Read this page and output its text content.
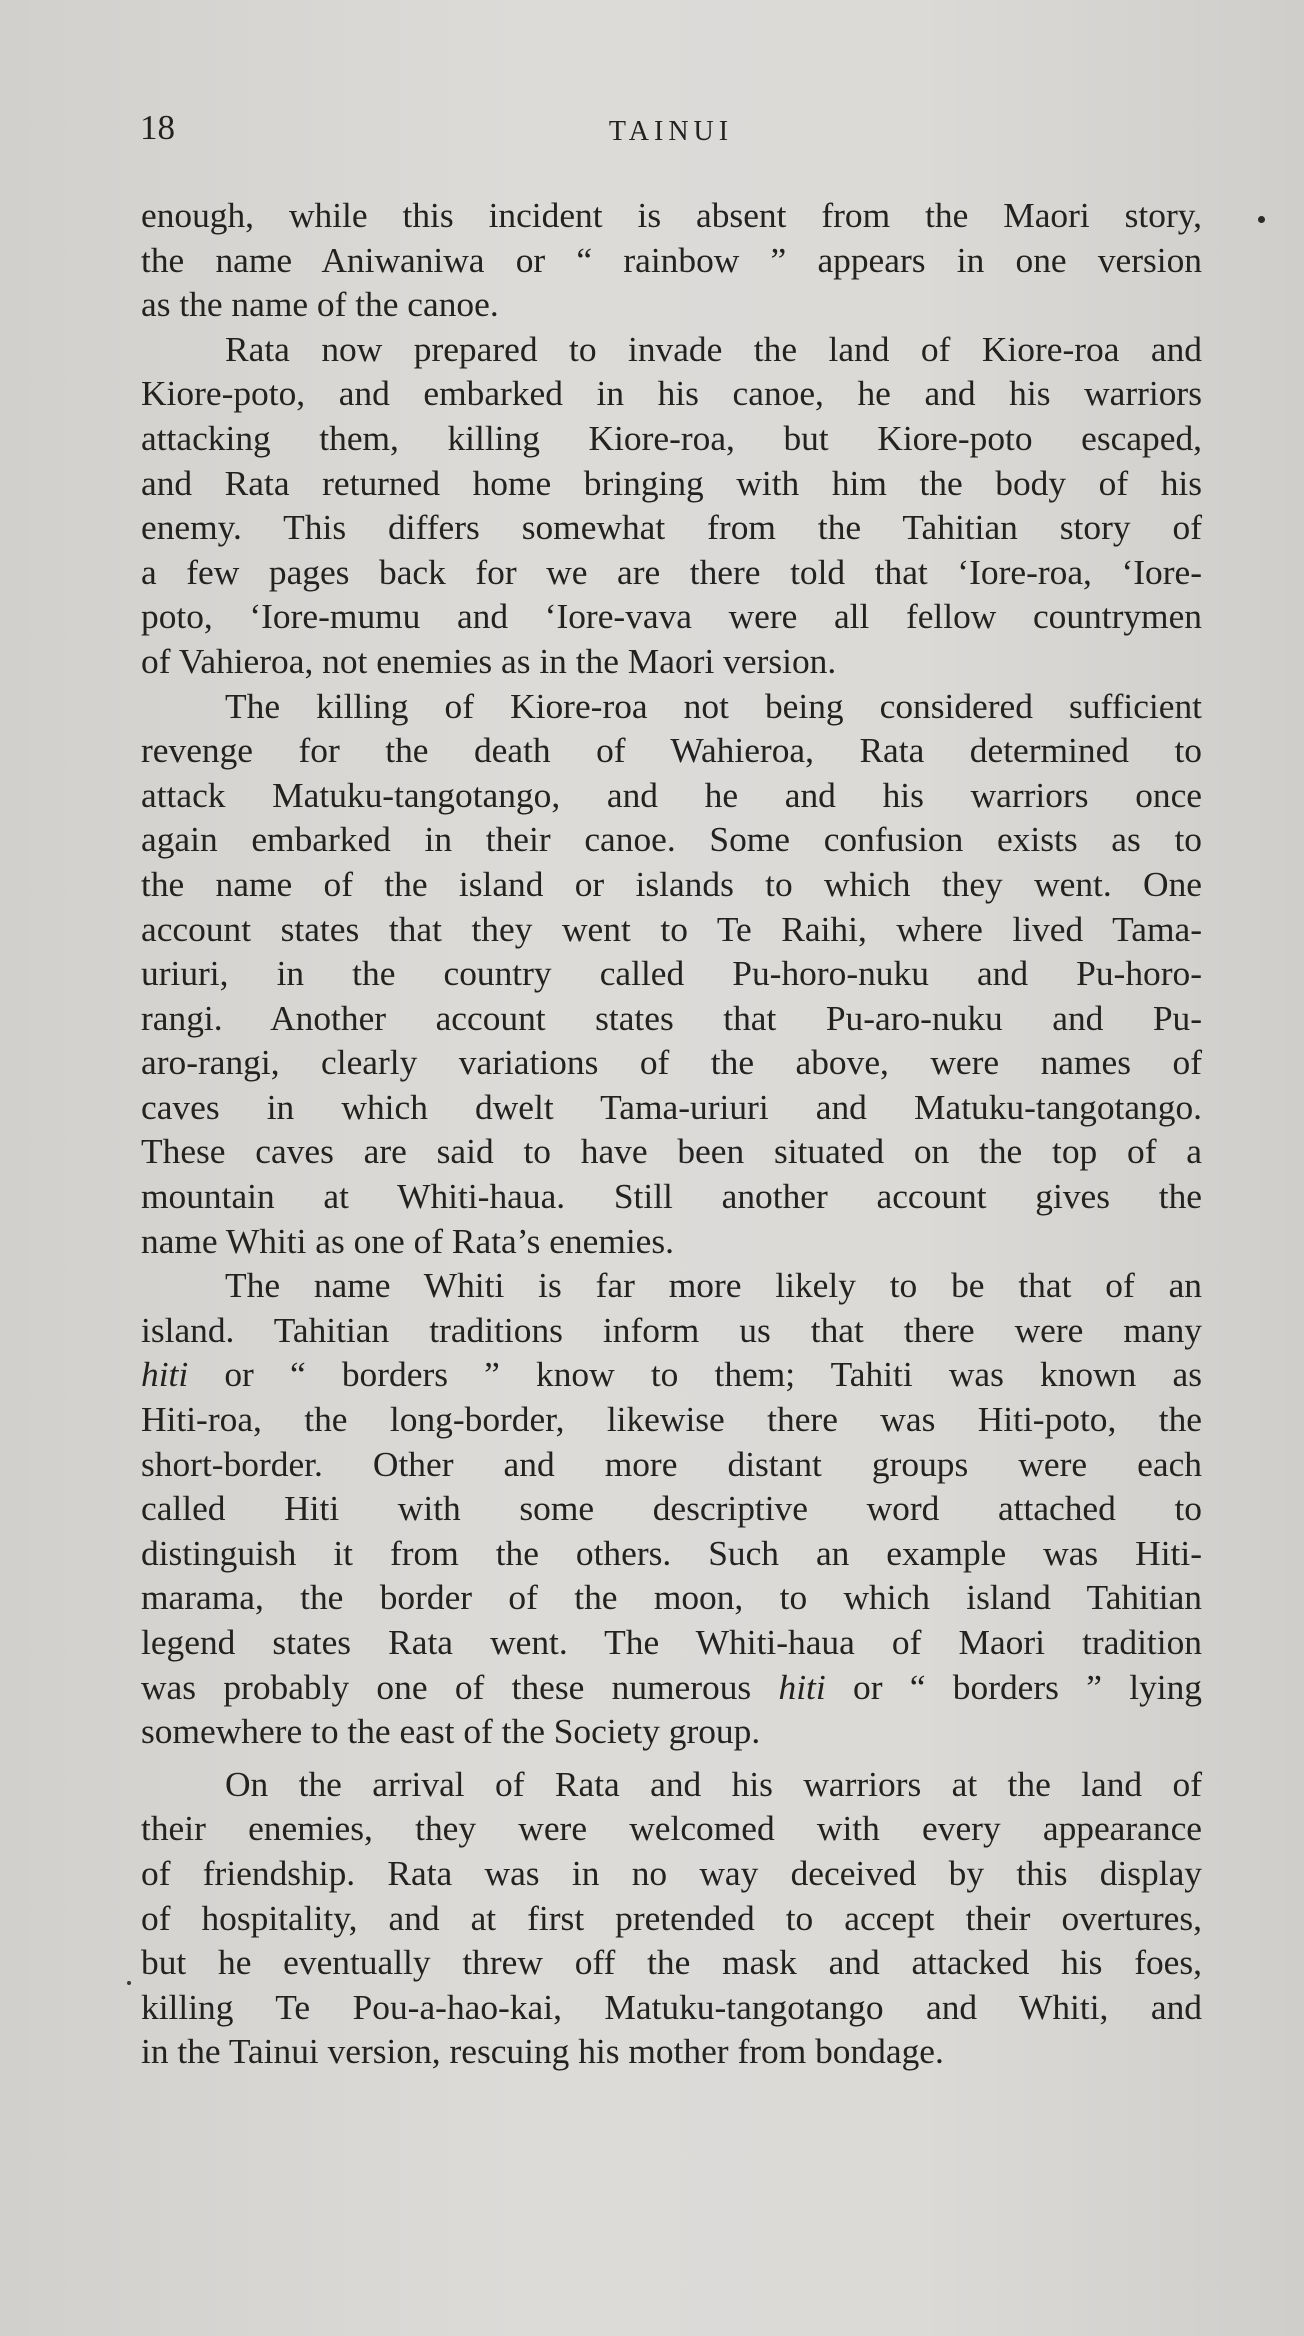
18	TAINUI
enough, while this incident is absent from the Maori story,
the name Aniwaniwa or “ rainbow ” appears in one version
as the name of the canoe.
Rata now prepared to invade the land of Kiore-roa and
Kiore-poto, and embarked in his canoe, he and his warriors
attacking them, killing Kiore-roa, but Kiore-poto escaped,
and Rata returned home bringing with him the body of his
enemy. This differs somewhat from the Tahitian story of
a few pages back for we are there told that ‘Iore-roa, ‘Iore-
poto, ‘Iore-mumu and ‘Iore-vava were all fellow countrymen
of Vahieroa, not enemies as in the Maori version.
The killing of Kiore-roa not being considered sufficient
revenge for the death of Wahieroa, Rata determined to
attack Matuku-tangotango, and he and his warriors once
again embarked in their canoe. Some confusion exists as to
the name of the island or islands to which they went. One
account states that they went to Te Raihi, where lived Tama-
uriuri, in the country called Pu-horo-nuku and Pu-horo-
rangi. Another account states that Pu-aro-nuku and Pu-
aro-rangi, clearly variations of the above, were names of
caves in which dwelt Tama-uriuri and Matuku-tangotango.
These caves are said to have been situated on the top of a
mountain at Whiti-haua. Still another account gives the
name Whiti as one of Rata’s enemies.
The name Whiti is far more likely to be that of an
island. Tahitian traditions inform us that there were many
hiti or “ borders ” know to them; Tahiti was known as
Hiti-roa, the long-border, likewise there was Hiti-poto, the
short-border. Other and more distant groups were each
called Hiti with some descriptive word attached to
distinguish it from the others. Such an example was Hiti-
marama, the border of the moon, to which island Tahitian
legend states Rata went. The Whiti-haua of Maori tradition
was probably one of these numerous hiti or “ borders ” lying
somewhere to the east of the Society group.
On the arrival of Rata and his warriors at the land of
their enemies, they were welcomed with every appearance
of friendship. Rata was in no way deceived by this display
of hospitality, and at first pretended to accept their overtures,
but he eventually threw off the mask and attacked his foes,
killing Te Pou-a-hao-kai, Matuku-tangotango and Whiti, and
in the Tainui version, rescuing his mother from bondage.
